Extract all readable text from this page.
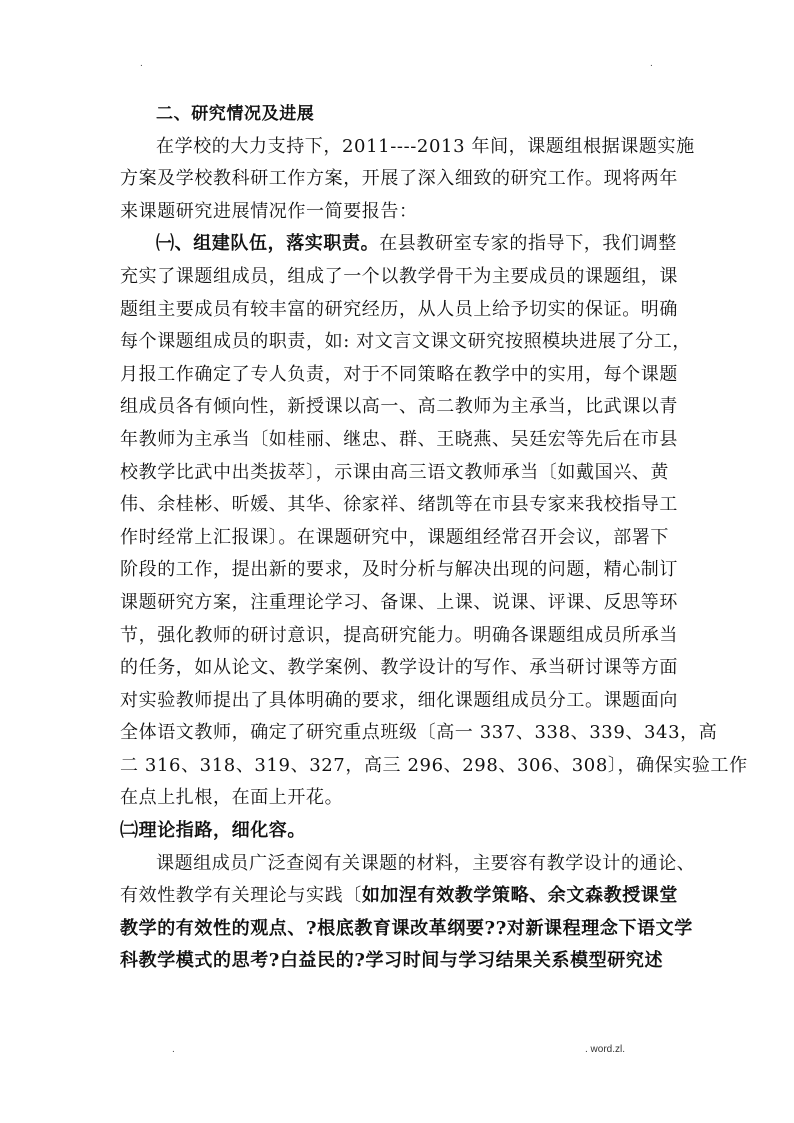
.	.
.	. word.zl.
二、研究情况及进展
在学校的大力支持下，2011----2013 年间，课题组根据课题实施
方案及学校教科研工作方案，开展了深入细致的研究工作。现将两年
来课题研究进展情况作一简要报告：
㈠、组建队伍，落实职责。在县教研室专家的指导下，我们调整
充实了课题组成员，组成了一个以教学骨干为主要成员的课题组，课
题组主要成员有较丰富的研究经历，从人员上给予切实的保证。明确
每个课题组成员的职责，如: 对文言文课文研究按照模块进展了分工，
月报工作确定了专人负责，对于不同策略在教学中的实用，每个课题
组成员各有倾向性，新授课以高一、高二教师为主承当，比武课以青
年教师为主承当〔如桂丽、继忠、群、王晓燕、吴廷宏等先后在市县
校教学比武中出类拔萃〕，示课由高三语文教师承当〔如戴国兴、黄
伟、余桂彬、昕媛、其华、徐家祥、绪凯等在市县专家来我校指导工
作时经常上汇报课〕。在课题研究中，课题组经常召开会议，部署下
阶段的工作，提出新的要求，及时分析与解决出现的问题，精心制订
课题研究方案，注重理论学习、备课、上课、说课、评课、反思等环
节，强化教师的研讨意识，提高研究能力。明确各课题组成员所承当
的任务，如从论文、教学案例、教学设计的写作、承当研讨课等方面
对实验教师提出了具体明确的要求，细化课题组成员分工。课题面向
全体语文教师，确定了研究重点班级〔高一 337、338、339、343，高
二 316、318、319、327，高三 296、298、306、308〕，确保实验工作
在点上扎根，在面上开花。
㈡理论指路，细化容。
课题组成员广泛查阅有关课题的材料，主要容有教学设计的通论、
有效性教学有关理论与实践〔如加涅有效教学策略、余文森教授课堂
教学的有效性的观点、?根底教育课改革纲要??对新课程理念下语文学
科教学模式的思考?白益民的?学习时间与学习结果关系模型研究述
